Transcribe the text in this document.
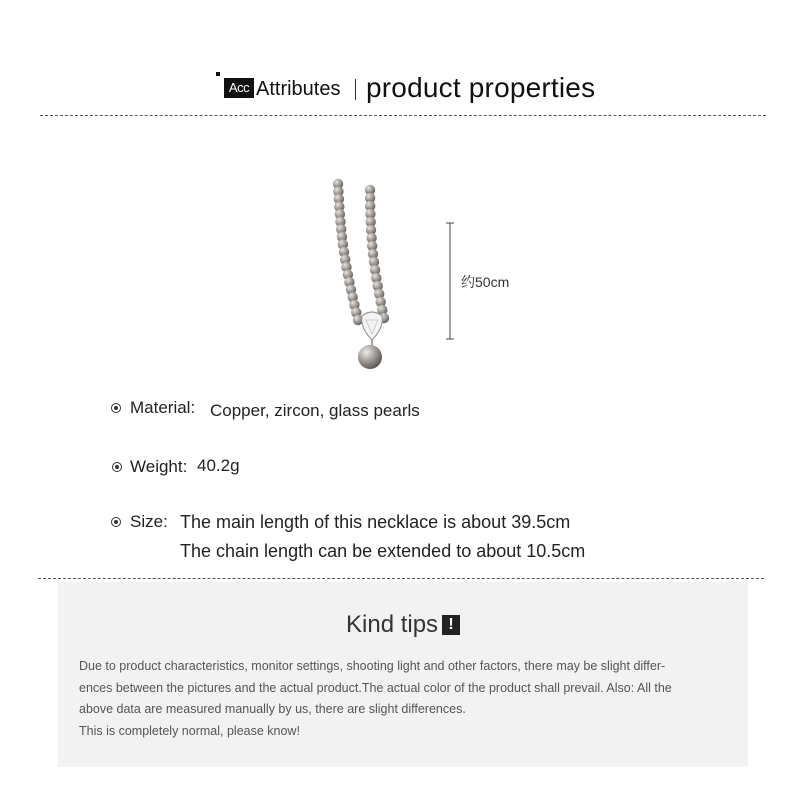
Acc Attributes product properties
约50cm
Material: Copper, zircon, glass pearls
Weight: 40.2g
Size: The main length of this necklace is about 39.5cm
The chain length can be extended to about 10.5cm
Kind tips !

Due to product characteristics, monitor settings, shooting light and other factors, there may be slight differ-

ences between the pictures and the actual product.The actual color of the product shall prevail. Also: All the

above data are measured manually by us, there are slight differences.

This is completely normal, please know!
